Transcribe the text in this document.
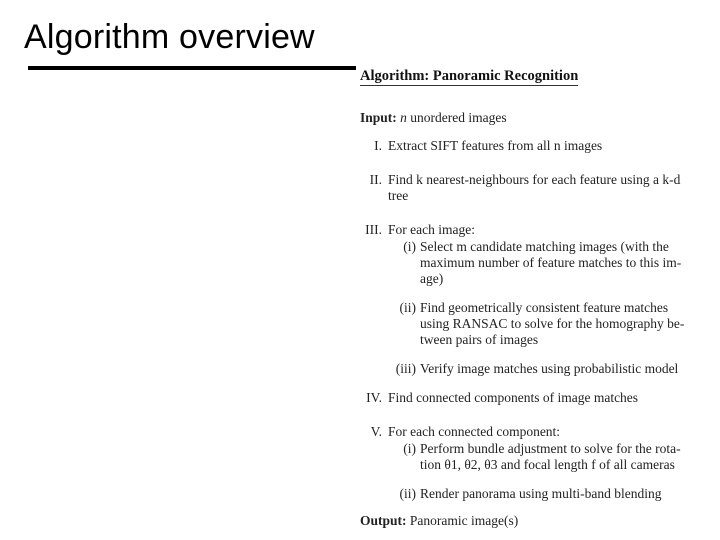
Algorithm overview
Algorithm: Panoramic Recognition
Input: n unordered images
I. Extract SIFT features from all n images
II. Find k nearest-neighbours for each feature using a k-d
tree
III. For each image:
(i) Select m candidate matching images (with the
maximum number of feature matches to this im-
age)
(ii) Find geometrically consistent feature matches
using RANSAC to solve for the homography be-
tween pairs of images
(iii) Verify image matches using probabilistic model
IV. Find connected components of image matches
V. For each connected component:
(i) Perform bundle adjustment to solve for the rota-
tion θ1, θ2, θ3 and focal length f of all cameras
(ii) Render panorama using multi-band blending
Output: Panoramic image(s)
